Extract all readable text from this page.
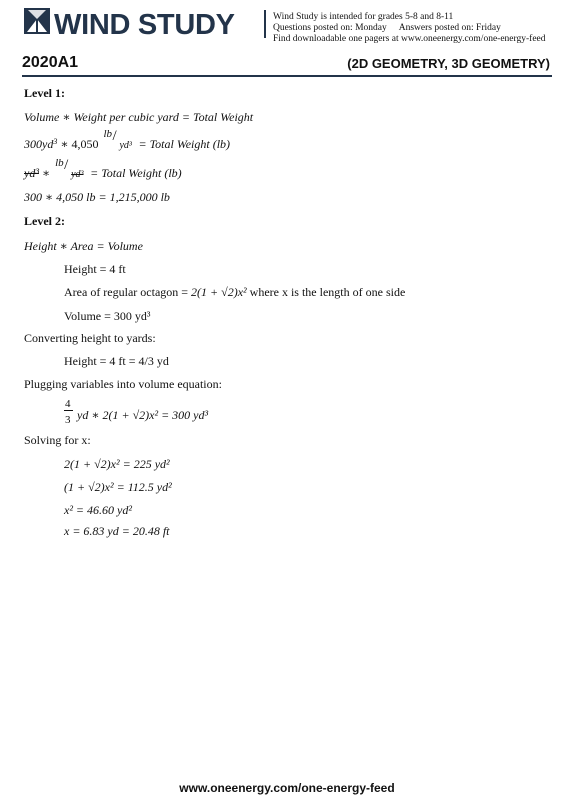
WIND STUDY	Wind Study is intended for grades 5-8 and 8-11
Questions posted on: Monday Answers posted on: Friday
Find downloadable one pagers at www.oneenergy.com/one-energy-feed
2020A1	(2D GEOMETRY, 3D GEOMETRY)
Level 1:
Volume ∗ Weight per cubic yard = Total Weight
$300yd^3$ ∗ 4,050
lb /
yd³ = Total Weight (lb)
yd³ ∗
lb /
yd³ = Total Weight (lb)
300 ∗ 4,050 lb = 1,215,000 lb
Level 2:
Height ∗ Area = Volume
Height = 4 ft
Area of regular octagon = 2(1 + √2)x² where x is the length of one side
Volume = 300 yd³
Converting height to yards:
Height = 4 ft = 4/3 yd
Plugging variables into volume equation:
$\frac{4}{3}$ yd ∗ 2(1 + √2)x² = 300 yd³
Solving for x:
2(1 + √2)x² = 225 yd²
(1 + √2)x² = 112.5 yd²
x² = 46.60 yd²
x = 6.83 yd = 20.48 ft
www.oneenergy.com/one-energy-feed
